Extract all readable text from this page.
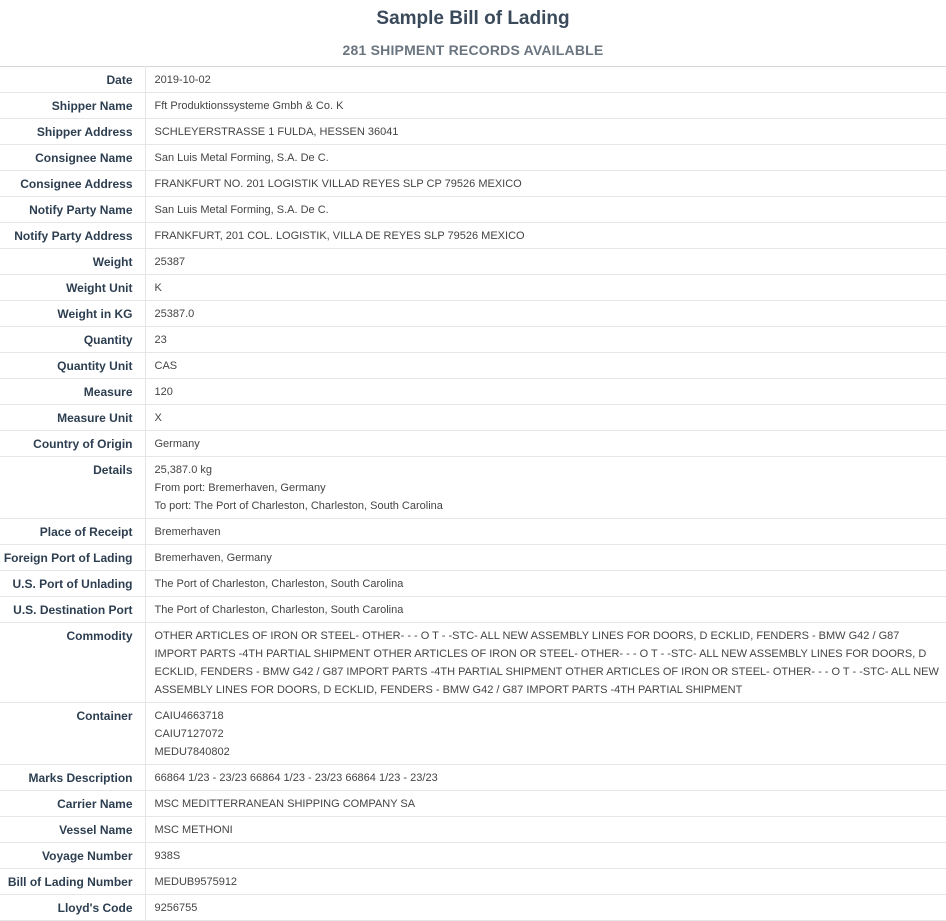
Sample Bill of Lading
281 SHIPMENT RECORDS AVAILABLE
Date	2019-10-02

Shipper Name	Fft Produktionssysteme Gmbh & Co. K

Shipper Address	SCHLEYERSTRASSE 1 FULDA, HESSEN 36041

Consignee Name	San Luis Metal Forming, S.A. De C.

Consignee Address	FRANKFURT NO. 201 LOGISTIK VILLAD REYES SLP CP 79526 MEXICO

Notify Party Name	San Luis Metal Forming, S.A. De C.

Notify Party Address	FRANKFURT, 201 COL. LOGISTIK, VILLA DE REYES SLP 79526 MEXICO

Weight	25387

Weight Unit	K

Weight in KG	25387.0

Quantity	23

Quantity Unit	CAS

Measure	120

Measure Unit	X

Country of Origin	Germany

Details	25,387.0 kg
From port: Bremerhaven, Germany
To port: The Port of Charleston, Charleston, South Carolina

Place of Receipt	Bremerhaven

Foreign Port of Lading	Bremerhaven, Germany

U.S. Port of Unlading	The Port of Charleston, Charleston, South Carolina

U.S. Destination Port	The Port of Charleston, Charleston, South Carolina

Commodity	OTHER ARTICLES OF IRON OR STEEL- OTHER- - - O T - -STC- ALL NEW ASSEMBLY LINES FOR DOORS, D ECKLID, FENDERS - BMW G42 / G87 IMPORT PARTS -4TH PARTIAL SHIPMENT OTHER ARTICLES OF IRON OR STEEL- OTHER- - - O T - -STC- ALL NEW ASSEMBLY LINES FOR DOORS, D ECKLID, FENDERS - BMW G42 / G87 IMPORT PARTS -4TH PARTIAL SHIPMENT OTHER ARTICLES OF IRON OR STEEL- OTHER- - - O T - -STC- ALL NEW ASSEMBLY LINES FOR DOORS, D ECKLID, FENDERS - BMW G42 / G87 IMPORT PARTS -4TH PARTIAL SHIPMENT

Container	CAIU4663718
CAIU7127072
MEDU7840802

Marks Description	66864 1/23 - 23/23 66864 1/23 - 23/23 66864 1/23 - 23/23

Carrier Name	MSC MEDITTERRANEAN SHIPPING COMPANY SA

Vessel Name	MSC METHONI

Voyage Number	938S

Bill of Lading Number	MEDUB9575912

Lloyd's Code	9256755
